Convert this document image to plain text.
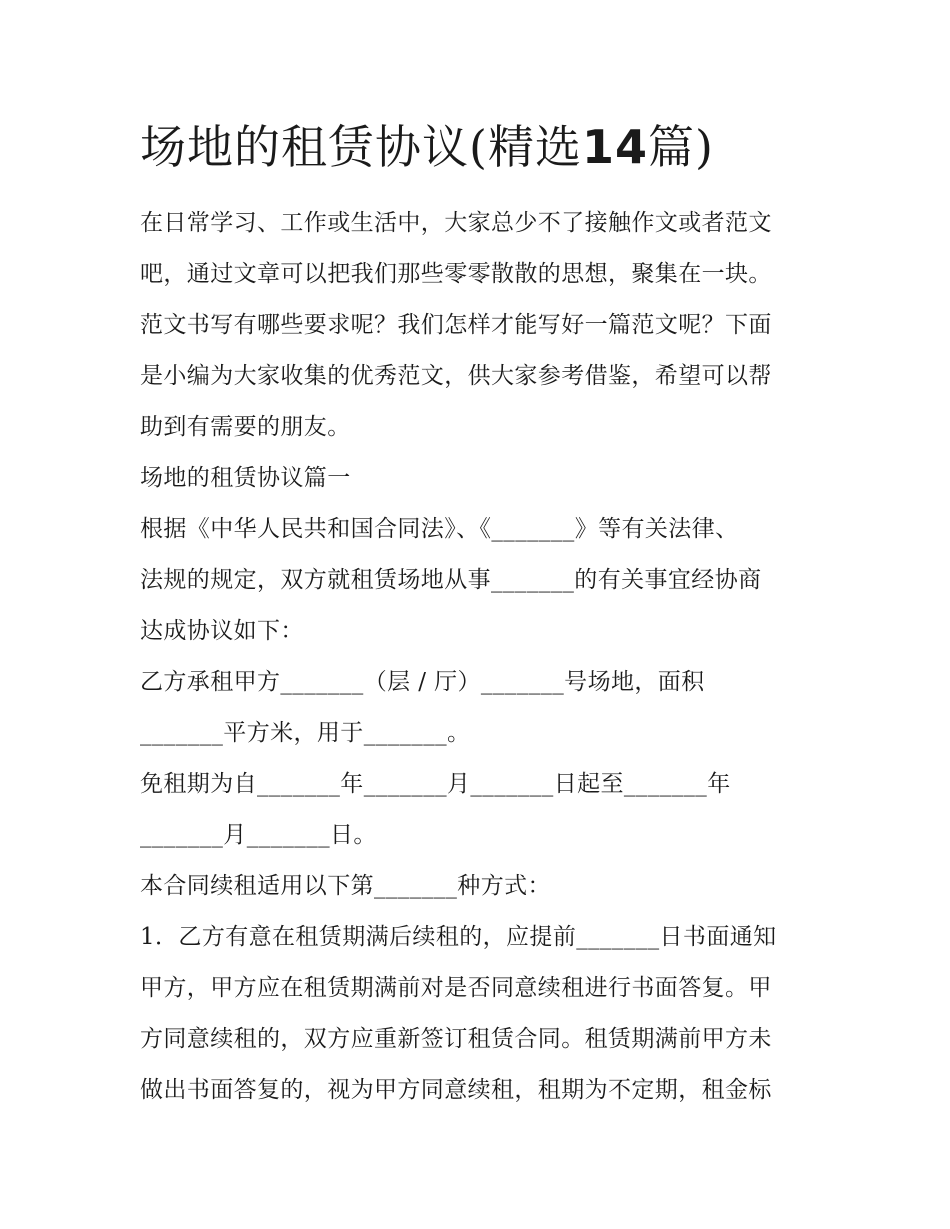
场地的租赁协议(精选14篇)
在日常学习、工作或生活中，大家总少不了接触作文或者范文
吧，通过文章可以把我们那些零零散散的思想，聚集在一块。
范文书写有哪些要求呢？我们怎样才能写好一篇范文呢？下面
是小编为大家收集的优秀范文，供大家参考借鉴，希望可以帮
助到有需要的朋友。
场地的租赁协议篇一
根据《中华人民共和国合同法》、《_______》等有关法律、
法规的规定，双方就租赁场地从事_______的有关事宜经协商
达成协议如下：
乙方承租甲方_______（层 / 厅）_______号场地，面积
_______平方米，用于_______。
免租期为自_______年_______月_______日起至_______年
_______月_______日。
本合同续租适用以下第_______种方式：
1．乙方有意在租赁期满后续租的，应提前_______日书面通知
甲方，甲方应在租赁期满前对是否同意续租进行书面答复。甲
方同意续租的，双方应重新签订租赁合同。租赁期满前甲方未
做出书面答复的，视为甲方同意续租，租期为不定期，租金标
